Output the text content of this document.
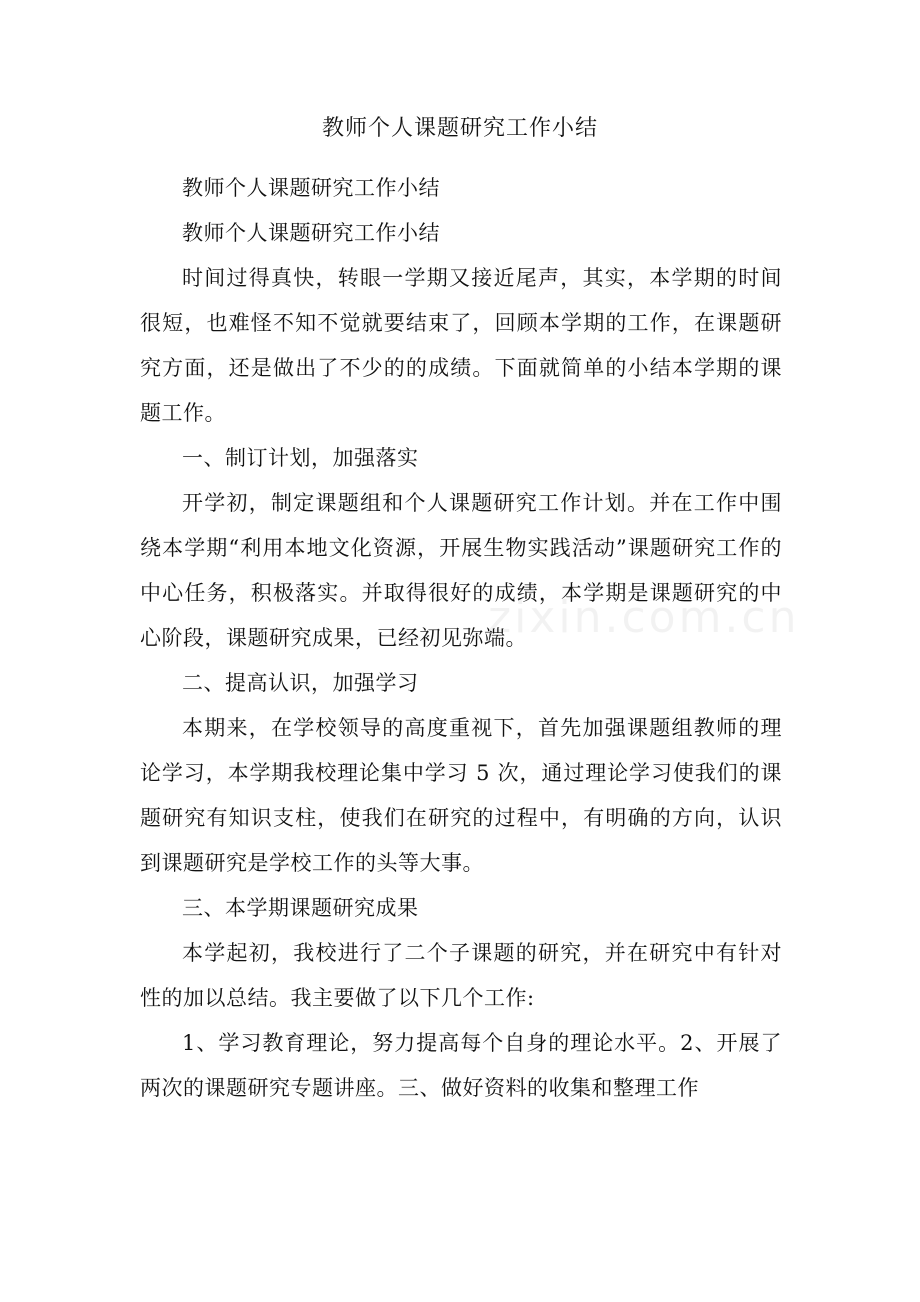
zixin.com.cn
教师个人课题研究工作小结

教师个人课题研究工作小结

教师个人课题研究工作小结

时间过得真快，转眼一学期又接近尾声，其实，本学期的时间很短，也难怪不知不觉就要结束了，回顾本学期的工作，在课题研究方面，还是做出了不少的的成绩。下面就简单的小结本学期的课题工作。

一、制订计划，加强落实

开学初，制定课题组和个人课题研究工作计划。并在工作中围绕本学期“利用本地文化资源，开展生物实践活动”课题研究工作的中心任务，积极落实。并取得很好的成绩，本学期是课题研究的中心阶段，课题研究成果，已经初见弥端。

二、提高认识，加强学习

本期来，在学校领导的高度重视下，首先加强课题组教师的理论学习，本学期我校理论集中学习 5 次，通过理论学习使我们的课题研究有知识支柱，使我们在研究的过程中，有明确的方向，认识到课题研究是学校工作的头等大事。

三、本学期课题研究成果

本学起初，我校进行了二个子课题的研究，并在研究中有针对性的加以总结。我主要做了以下几个工作:

1、学习教育理论，努力提高每个自身的理论水平。2、开展了两次的课题研究专题讲座。三、做好资料的收集和整理工作
